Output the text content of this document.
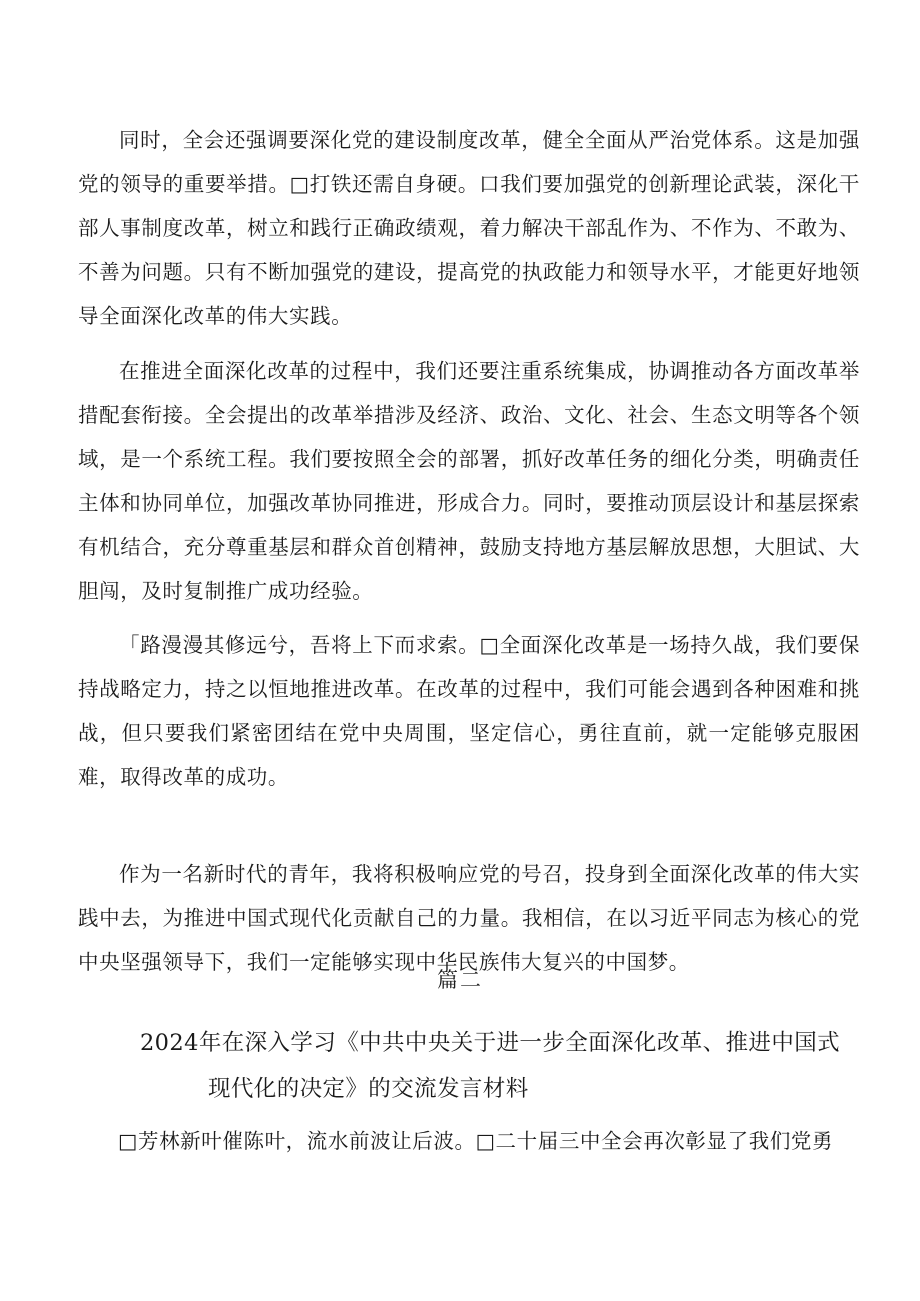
同时，全会还强调要深化党的建设制度改革，健全全面从严治党体系。这是加强党的领导的重要举措。□打铁还需自身硬。口我们要加强党的创新理论武装，深化干部人事制度改革，树立和践行正确政绩观，着力解决干部乱作为、不作为、不敢为、不善为问题。只有不断加强党的建设，提高党的执政能力和领导水平，才能更好地领导全面深化改革的伟大实践。

在推进全面深化改革的过程中，我们还要注重系统集成，协调推动各方面改革举措配套衔接。全会提出的改革举措涉及经济、政治、文化、社会、生态文明等各个领域，是一个系统工程。我们要按照全会的部署，抓好改革任务的细化分类，明确责任主体和协同单位，加强改革协同推进，形成合力。同时，要推动顶层设计和基层探索有机结合，充分尊重基层和群众首创精神，鼓励支持地方基层解放思想，大胆试、大胆闯，及时复制推广成功经验。

「路漫漫其修远兮，吾将上下而求索。□全面深化改革是一场持久战，我们要保持战略定力，持之以恒地推进改革。在改革的过程中，我们可能会遇到各种困难和挑战，但只要我们紧密团结在党中央周围，坚定信心，勇往直前，就一定能够克服困难，取得改革的成功。

作为一名新时代的青年，我将积极响应党的号召，投身到全面深化改革的伟大实践中去，为推进中国式现代化贡献自己的力量。我相信，在以习近平同志为核心的党中央坚强领导下，我们一定能够实现中华民族伟大复兴的中国梦。

篇二
2024年在深入学习《中共中央关于进一步全面深化改革、推进中国式
现代化的决定》的交流发言材料

□芳林新叶催陈叶，流水前波让后波。□二十届三中全会再次彰显了我们党勇
